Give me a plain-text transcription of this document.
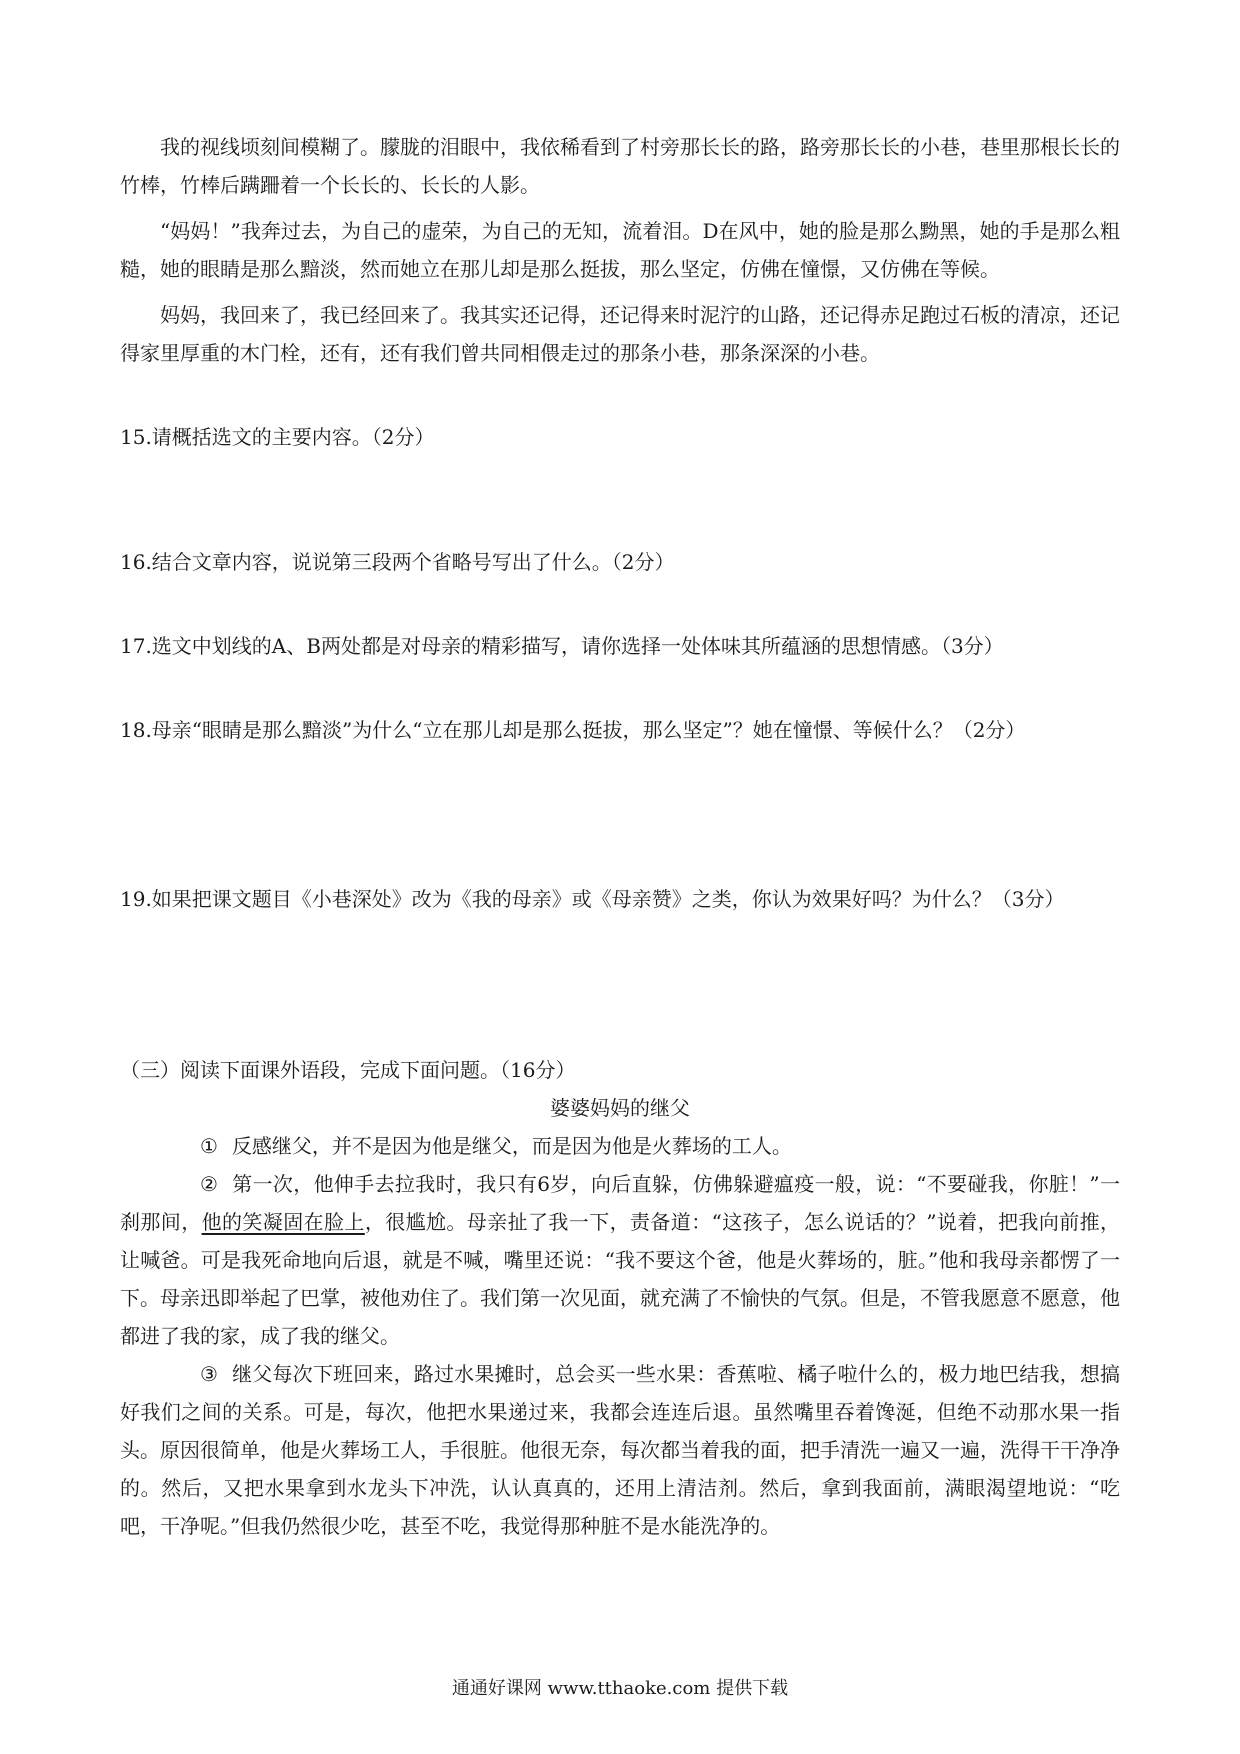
我的视线顷刻间模糊了。朦胧的泪眼中，我依稀看到了村旁那长长的路，路旁那长长的小巷，巷里那根长长的竹棒，竹棒后蹒跚着一个长长的、长长的人影。

“妈妈！”我奔过去，为自己的虚荣，为自己的无知，流着泪。D在风中，她的脸是那么黝黑，她的手是那么粗糙，她的眼睛是那么黯淡，然而她立在那儿却是那么挺拔，那么坚定，仿佛在憧憬，又仿佛在等候。

妈妈，我回来了，我已经回来了。我其实还记得，还记得来时泥泞的山路，还记得赤足跑过石板的清凉，还记得家里厚重的木门栓，还有，还有我们曾共同相偎走过的那条小巷，那条深深的小巷。

15.请概括选文的主要内容。（2分）

16.结合文章内容，说说第三段两个省略号写出了什么。（2分）

17.选文中划线的A、B两处都是对母亲的精彩描写，请你选择一处体味其所蕴涵的思想情感。（3分）

18.母亲“眼睛是那么黯淡”为什么“立在那儿却是那么挺拔，那么坚定”？她在憧憬、等候什么？（2分）

19.如果把课文题目《小巷深处》改为《我的母亲》或《母亲赞》之类，你认为效果好吗？为什么？（3分）

（三）阅读下面课外语段，完成下面问题。（16分）

婆婆妈妈的继父

① 反感继父，并不是因为他是继父，而是因为他是火葬场的工人。

② 第一次，他伸手去拉我时，我只有6岁，向后直躲，仿佛躲避瘟疫一般，说：“不要碰我，你脏！”一刹那间，他的笑凝固在脸上，很尴尬。母亲扯了我一下，责备道：“这孩子，怎么说话的？”说着，把我向前推，让喊爸。可是我死命地向后退，就是不喊，嘴里还说：“我不要这个爸，他是火葬场的，脏。”他和我母亲都愣了一下。母亲迅即举起了巴掌，被他劝住了。我们第一次见面，就充满了不愉快的气氛。但是，不管我愿意不愿意，他都进了我的家，成了我的继父。

③ 继父每次下班回来，路过水果摊时，总会买一些水果：香蕉啦、橘子啦什么的，极力地巴结我，想搞好我们之间的关系。可是，每次，他把水果递过来，我都会连连后退。虽然嘴里吞着馋涎，但绝不动那水果一指头。原因很简单，他是火葬场工人，手很脏。他很无奈，每次都当着我的面，把手清洗一遍又一遍，洗得干干净净的。然后，又把水果拿到水龙头下冲洗，认认真真的，还用上清洁剂。然后，拿到我面前，满眼渴望地说：“吃吧，干净呢。”但我仍然很少吃，甚至不吃，我觉得那种脏不是水能洗净的。

通通好课网 www.tthaoke.com 提供下载
